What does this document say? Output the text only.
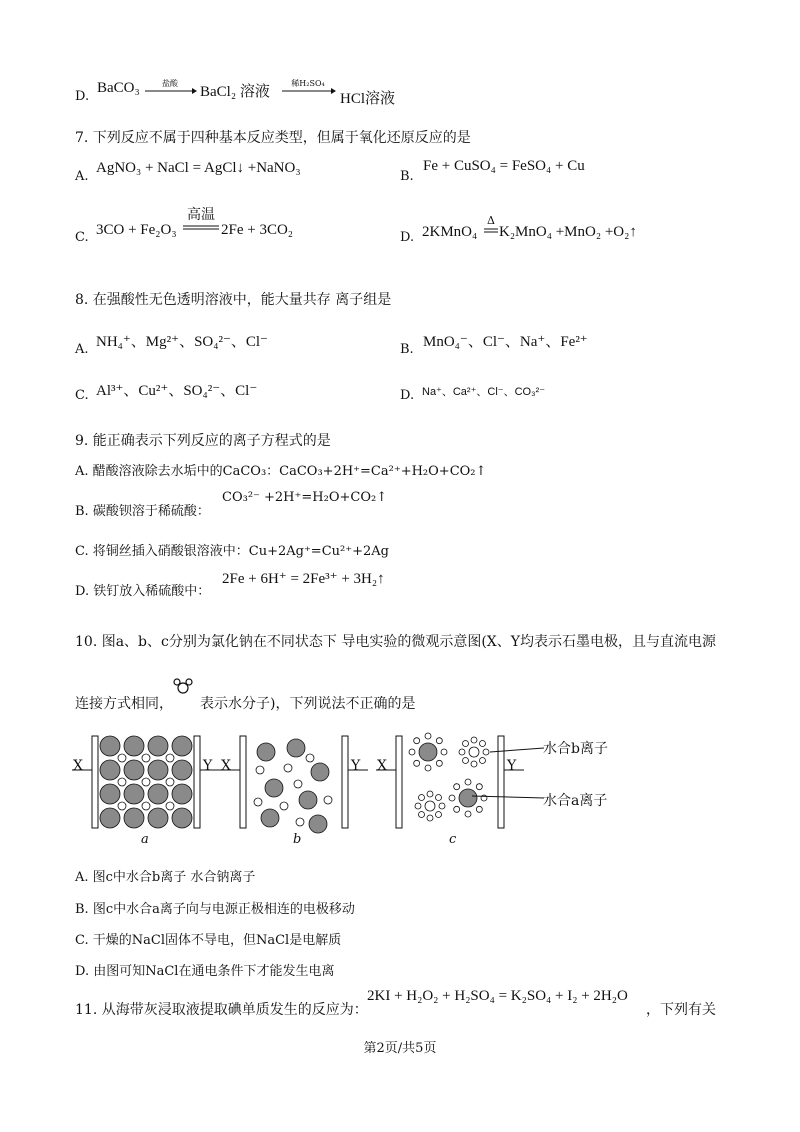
D.
BaCO₃	盐酸
BaCl₂ 溶液
稀H₂SO₄
HCl溶液
7. 下列反应不属于四种基本反应类型，但属于氧化还原反应的是
A.
AgNO₃ + NaCl = AgCl↓ +NaNO₃
B.
Fe + CuSO₄ = FeSO₄ + Cu
C. 3CO + Fe₂O₃
高温
2Fe + 3CO₂	D. 2KMnO₄
Δ
K₂MnO₄ +MnO₂ +O₂↑
8. 在强酸性无色透明溶液中，能大量共存 离子组是
A. NH₄⁺、Mg²⁺、SO₄²⁻、Cl⁻	B. MnO₄⁻、Cl⁻、Na⁺、Fe²⁺
C. Al³⁺、Cu²⁺、SO₄²⁻、Cl⁻	D. Na⁺、Ca²⁺、Cl⁻、CO₃²⁻
9. 能正确表示下列反应的离子方程式的是
A. 醋酸溶液除去水垢中的CaCO₃：CaCO₃+2H⁺=Ca²⁺+H₂O+CO₂↑
B. 碳酸钡溶于稀硫酸：
CO₃²⁻ +2H⁺=H₂O+CO₂↑
C. 将铜丝插入硝酸银溶液中：Cu+2Ag⁺=Cu²⁺+2Ag
D. 铁钉放入稀硫酸中：
2Fe + 6H⁺ = 2Fe³⁺ + 3H₂↑
10. 图a、b、c分别为氯化钠在不同状态下 导电实验的微观示意图(X、Y均表示石墨电极，且与直流电源
连接方式相同， 表示水分子)，下列说法不正确的是
X	Y X	Y X	Y
水合b离子
水合a离子
a	b	c
A. 图c中水合b离子 水合钠离子
B. 图c中水合a离子向与电源正极相连的电极移动
C. 干燥的NaCl固体不导电，但NaCl是电解质
D. 由图可知NaCl在通电条件下才能发生电离
11. 从海带灰浸取液提取碘单质发生的反应为：
2KI + H₂O₂ + H₂SO₄ = K₂SO₄ + I₂ + 2H₂O
，下列有关
第2页/共5页
